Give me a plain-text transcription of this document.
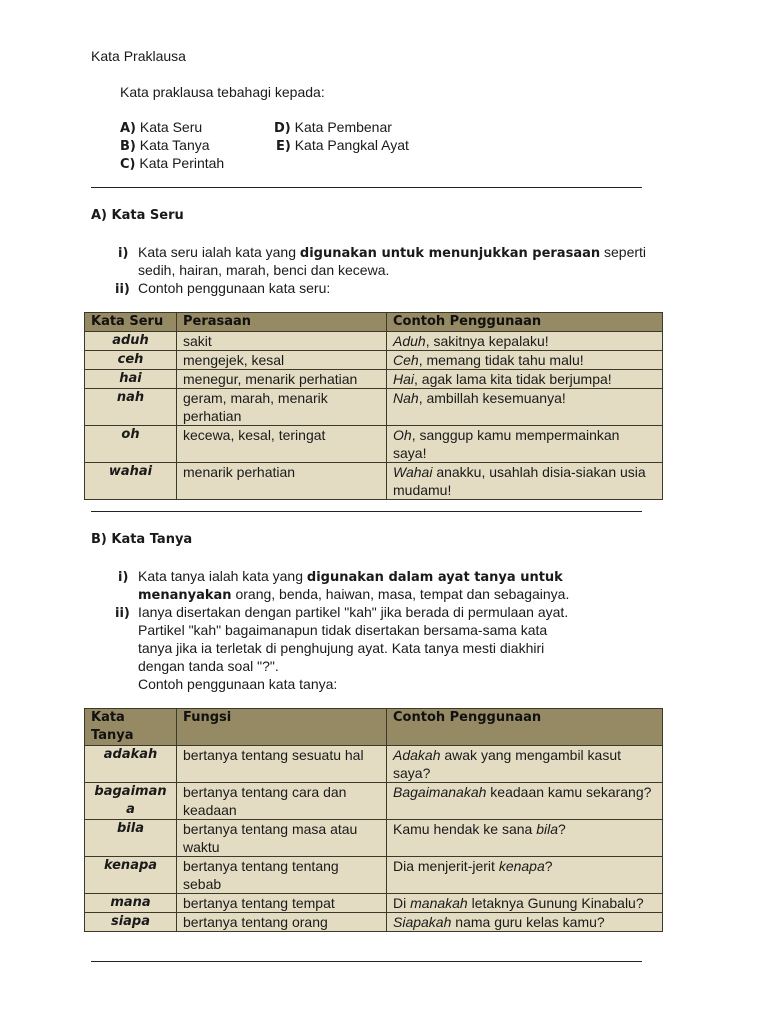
Kata Praklausa
Kata praklausa tebahagi kepada:
A) Kata Seru
B) Kata Tanya
C) Kata Perintah
D) Kata Pembenar
E) Kata Pangkal Ayat
A) Kata Seru
i) Kata seru ialah kata yang digunakan untuk menunjukkan perasaan seperti
sedih, hairan, marah, benci dan kecewa.
ii) Contoh penggunaan kata seru:
Kata Seru	Perasaan	Contoh Penggunaan
aduh	sakit	Aduh, sakitnya kepalaku!
ceh	mengejek, kesal	Ceh, memang tidak tahu malu!
hai	menegur, menarik perhatian	Hai, agak lama kita tidak berjumpa!
nah	geram, marah, menarik perhatian	Nah, ambillah kesemuanya!
oh	kecewa, kesal, teringat	Oh, sanggup kamu mempermainkan saya!
wahai	menarik perhatian	Wahai anakku, usahlah disia-siakan usia mudamu!
B) Kata Tanya
i) Kata tanya ialah kata yang digunakan dalam ayat tanya untuk
menanyakan orang, benda, haiwan, masa, tempat dan sebagainya.
ii) Ianya disertakan dengan partikel "kah" jika berada di permulaan ayat.
Partikel "kah" bagaimanapun tidak disertakan bersama-sama kata
tanya jika ia terletak di penghujung ayat. Kata tanya mesti diakhiri
dengan tanda soal "?".
Contoh penggunaan kata tanya:
Kata Tanya	Fungsi	Contoh Penggunaan
adakah	bertanya tentang sesuatu hal	Adakah awak yang mengambil kasut saya?
bagaimana	bertanya tentang cara dan keadaan	Bagaimanakah keadaan kamu sekarang?
bila	bertanya tentang masa atau waktu	Kamu hendak ke sana bila?
kenapa	bertanya tentang tentang sebab	Dia menjerit-jerit kenapa?
mana	bertanya tentang tempat	Di manakah letaknya Gunung Kinabalu?
siapa	bertanya tentang orang	Siapakah nama guru kelas kamu?
